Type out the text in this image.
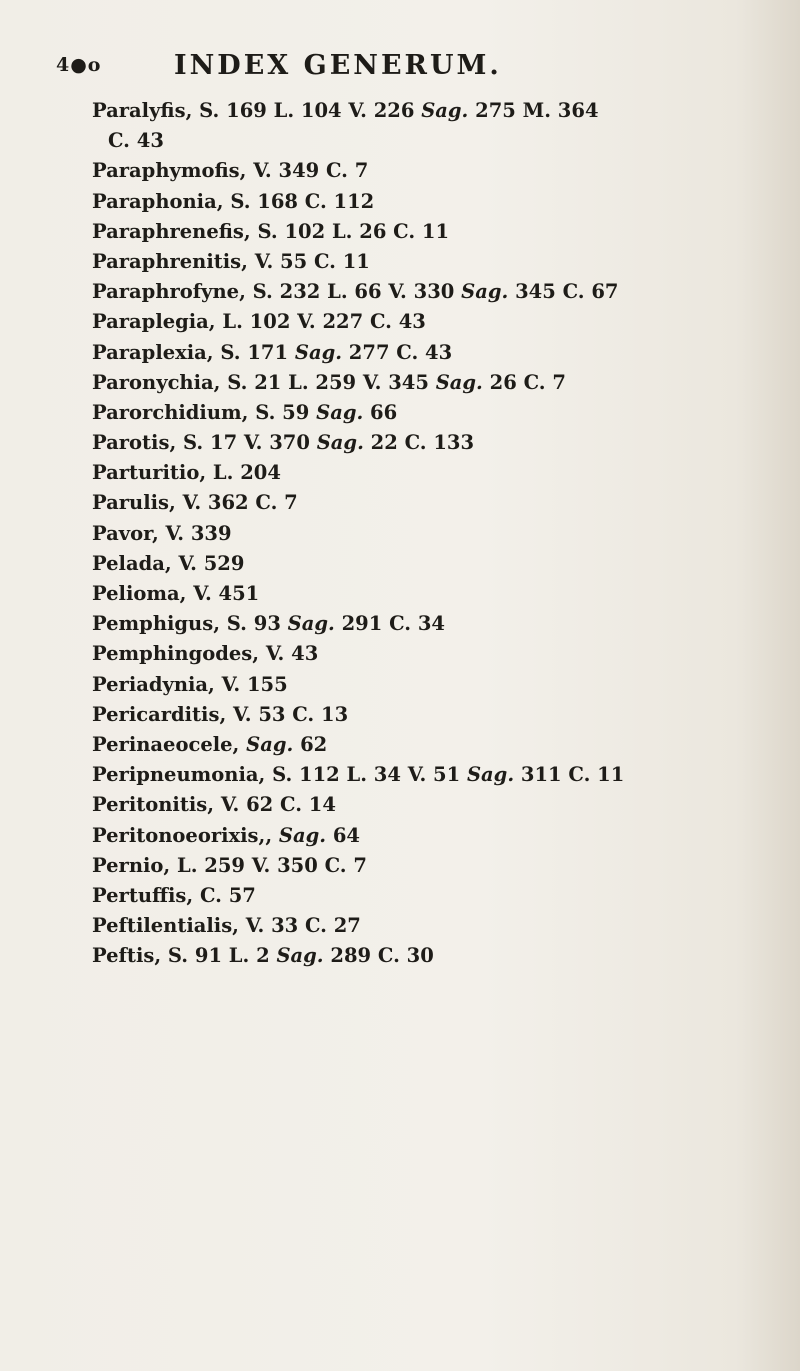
4●o	INDEX GENERUM.
Paralyfis, S. 169 L. 104 V. 226 Sag. 275 M. 364
C. 43
Paraphymofis, V. 349 C. 7
Paraphonia, S. 168 C. 112
Paraphrenefis, S. 102 L. 26 C. 11
Paraphrenitis, V. 55 C. 11
Paraphrofyne, S. 232 L. 66 V. 330 Sag. 345 C. 67
Paraplegia, L. 102 V. 227 C. 43
Paraplexia, S. 171 Sag. 277 C. 43
Paronychia, S. 21 L. 259 V. 345 Sag. 26 C. 7
Parorchidium, S. 59 Sag. 66
Parotis, S. 17 V. 370 Sag. 22 C. 133
Parturitio, L. 204
Parulis, V. 362 C. 7
Pavor, V. 339
Pelada, V. 529
Pelioma, V. 451
Pemphigus, S. 93 Sag. 291 C. 34
Pemphingodes, V. 43
Periadynia, V. 155
Pericarditis, V. 53 C. 13
Perinaeocele, Sag. 62
Peripneumonia, S. 112 L. 34 V. 51 Sag. 311 C. 11
Peritonitis, V. 62 C. 14
Peritonoeorixis,, Sag. 64
Pernio, L. 259 V. 350 C. 7
Pertuffis, C. 57
Peftilentialis, V. 33 C. 27
Peftis, S. 91 L. 2 Sag. 289 C. 30
